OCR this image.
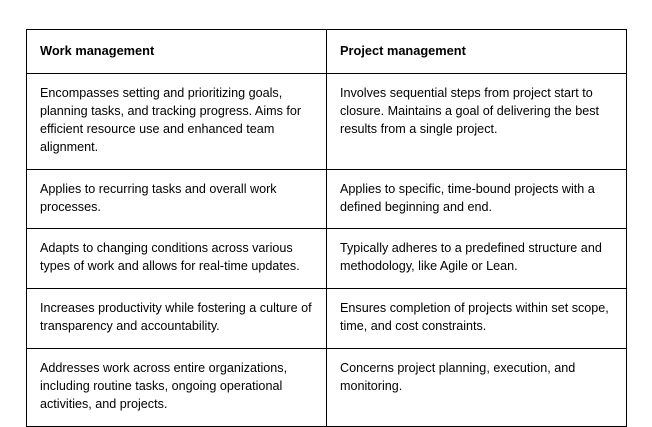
Work management	Project management
Encompasses setting and prioritizing goals, planning tasks, and tracking progress. Aims for efficient resource use and enhanced team alignment.	Involves sequential steps from project start to closure. Maintains a goal of delivering the best results from a single project.
Applies to recurring tasks and overall work processes.	Applies to specific, time-bound projects with a defined beginning and end.
Adapts to changing conditions across various types of work and allows for real-time updates.	Typically adheres to a predefined structure and methodology, like Agile or Lean.
Increases productivity while fostering a culture of transparency and accountability.	Ensures completion of projects within set scope, time, and cost constraints.
Addresses work across entire organizations, including routine tasks, ongoing operational activities, and projects.	Concerns project planning, execution, and monitoring.
